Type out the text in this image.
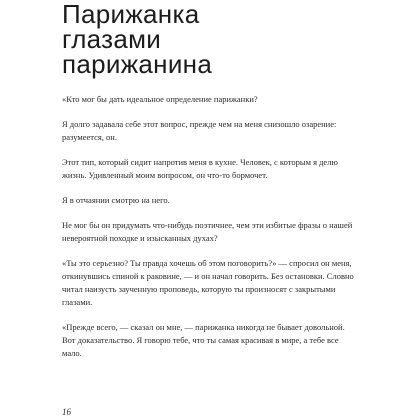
Парижанка
глазами
парижанина

«Кто мог бы дать идеальное определение парижанки?

Я долго задавала себе этот вопрос, прежде чем на меня снизошло озарение: разумеется, он.

Этот тип, который сидит напротив меня в кухне. Человек, с которым я делю жизнь. Удивленный моим вопросом, он что-то бормочет.

Я в отчаянии смотрю на него.

Не мог бы он придумать что-нибудь поэтичнее, чем эти избитые фразы о нашей невероятной походке и изысканных духах?

«Ты это серьезно? Ты правда хочешь об этом поговорить?» — спросил он меня, откинувшись спиной к раковине, — и он начал говорить. Без остановки. Словно читал наизусть заученную проповедь, которую ты произносят с закрытыми глазами.

«Прежде всего, — сказал он мне, — парижанка никогда не бывает довольной. Вот доказательство. Я говорю тебе, что ты самая красивая в мире, а тебе все мало.

16
